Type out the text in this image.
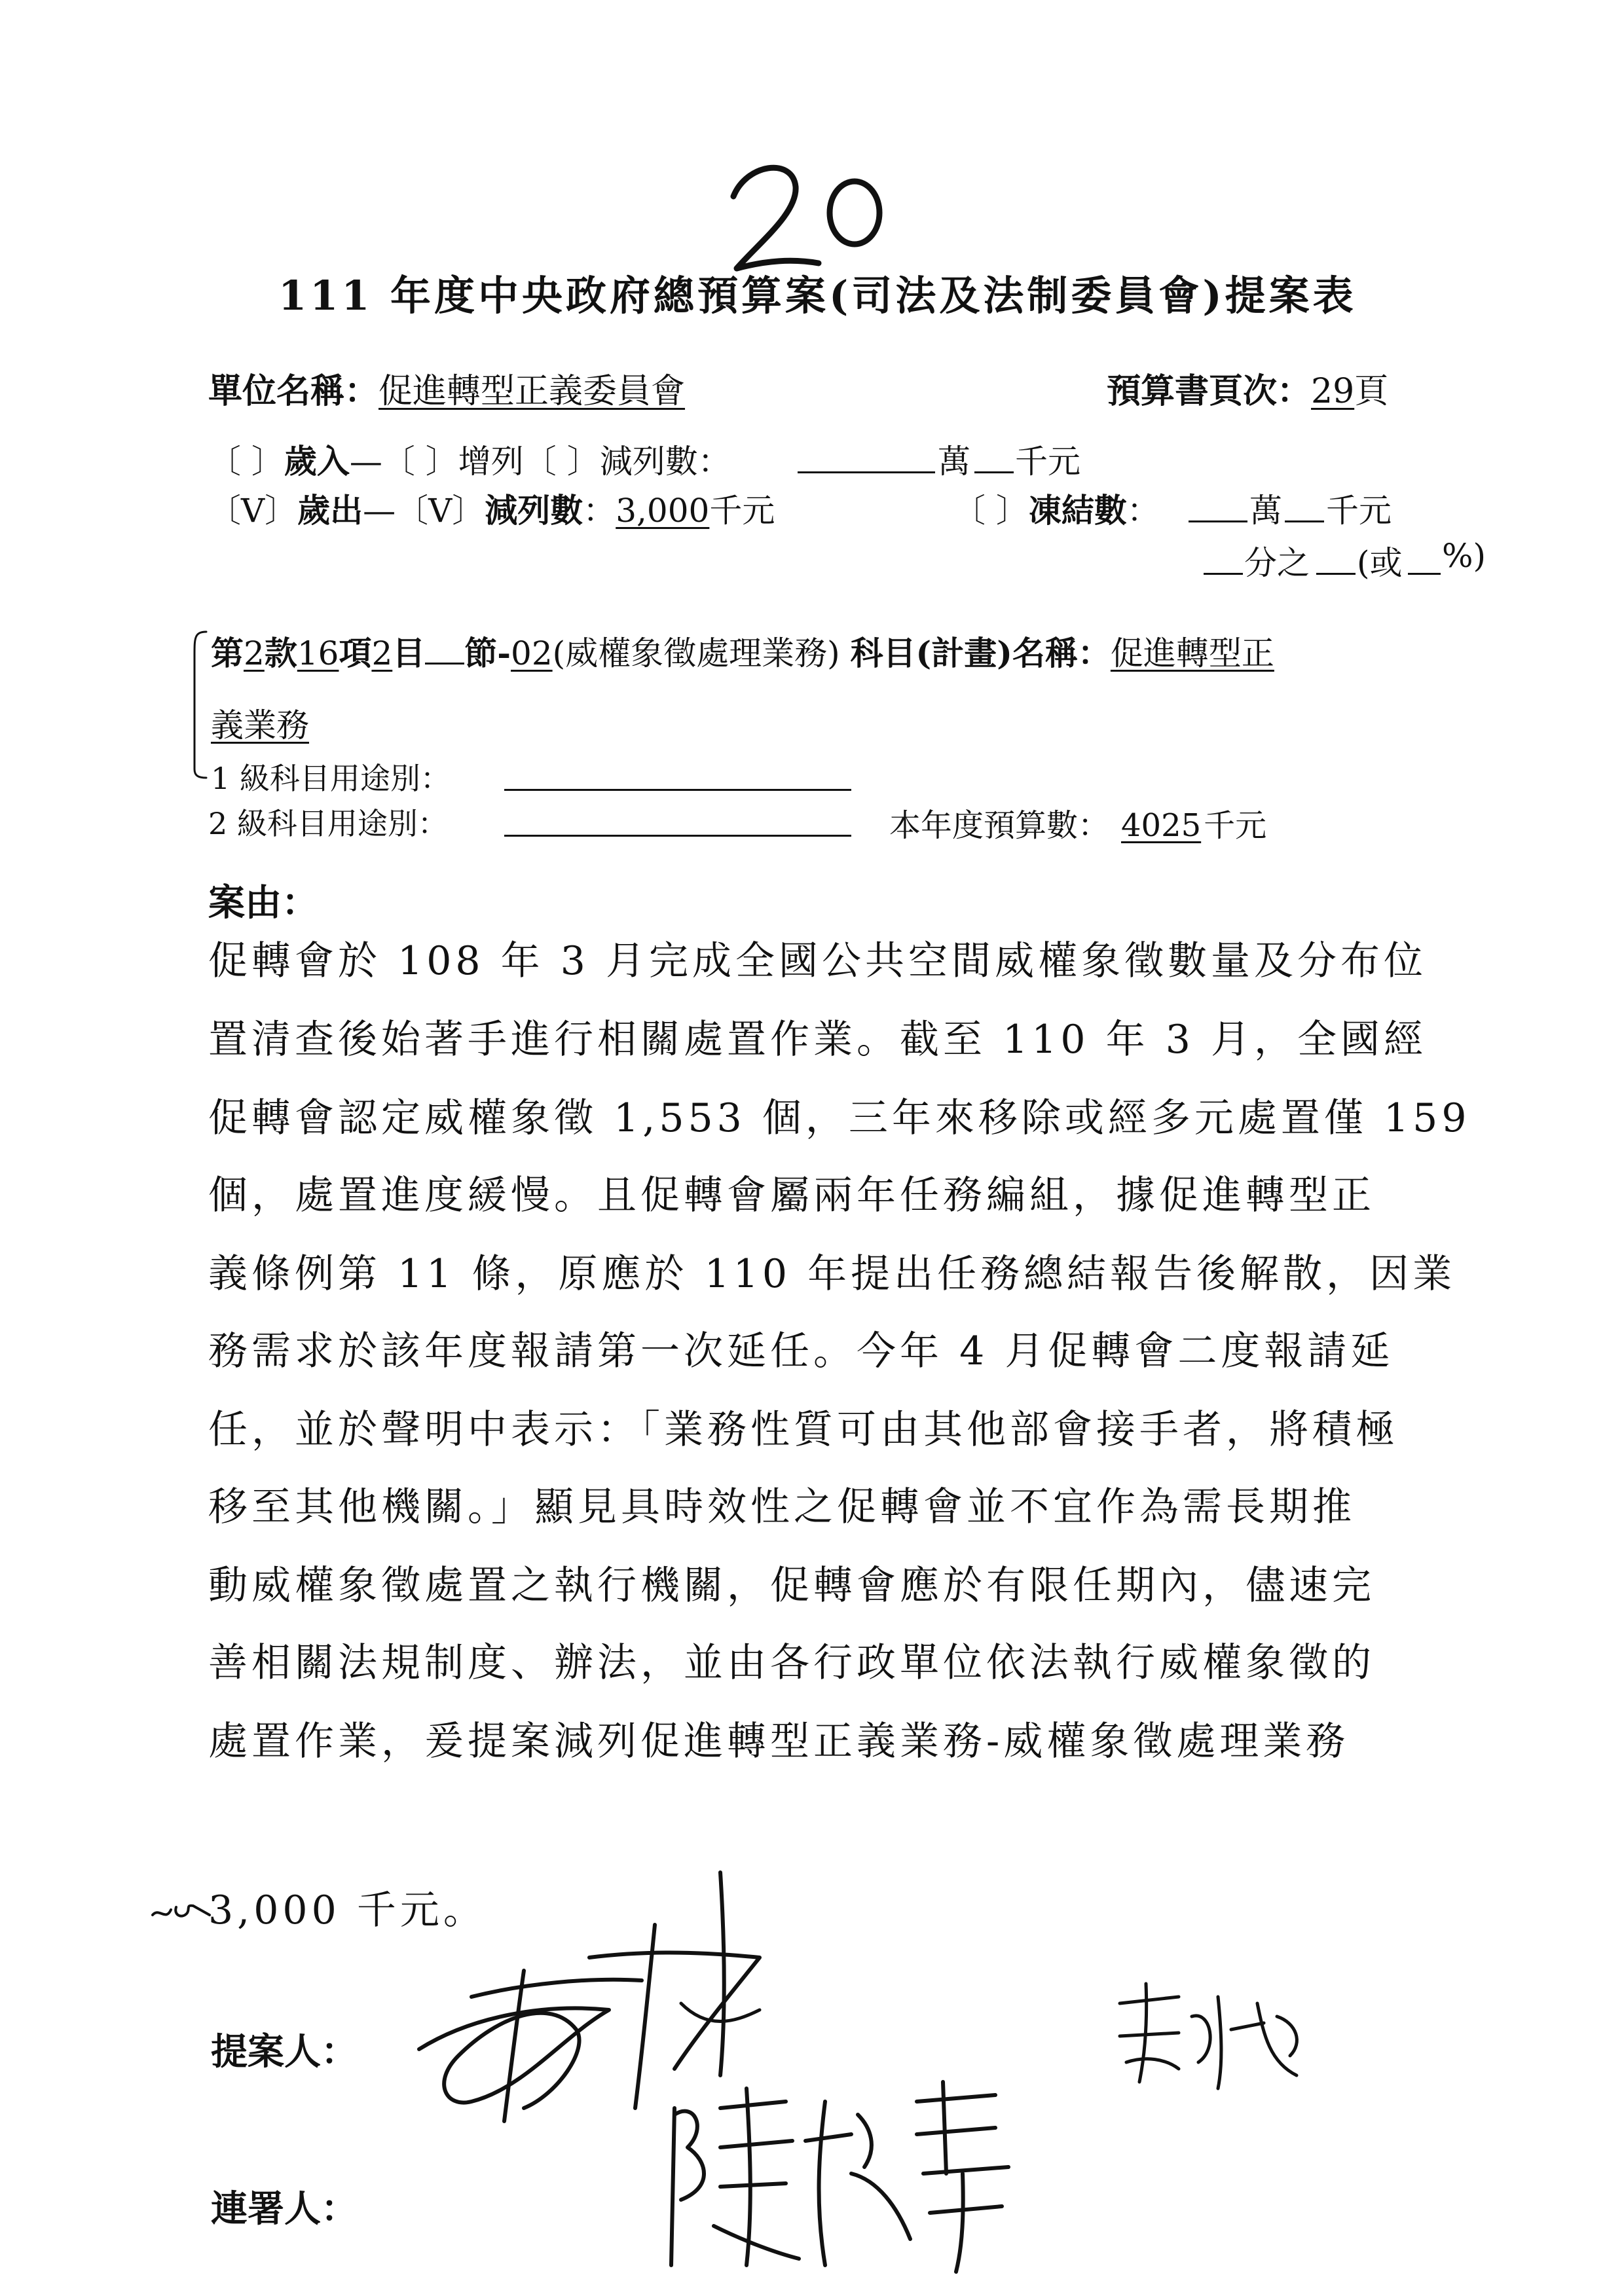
111 年度中央政府總預算案(司法及法制委員會)提案表
單位名稱：促進轉型正義委員會	預算書頁次：29頁
〔 〕歲入—〔 〕增列〔 〕減列數：	萬 千元
〔V〕歲出—〔V〕減列數：3,000千元	〔 〕凍結數：	萬 千元
分之 (或 %)
第2款16項2目 節-02(威權象徵處理業務) 科目(計畫)名稱：促進轉型正
義業務
1 級科目用途別：
2 級科目用途別：	本年度預算數： 4025千元
案由：
促轉會於 108 年 3 月完成全國公共空間威權象徵數量及分布位
置清查後始著手進行相關處置作業。截至 110 年 3 月，全國經
促轉會認定威權象徵 1,553 個，三年來移除或經多元處置僅 159
個，處置進度緩慢。且促轉會屬兩年任務編組，據促進轉型正
義條例第 11 條，原應於 110 年提出任務總結報告後解散，因業
務需求於該年度報請第一次延任。今年 4 月促轉會二度報請延
任，並於聲明中表示：「業務性質可由其他部會接手者，將積極
移至其他機關。」顯見具時效性之促轉會並不宜作為需長期推
動威權象徵處置之執行機關，促轉會應於有限任期內，儘速完
善相關法規制度、辦法，並由各行政單位依法執行威權象徵的
處置作業，爰提案減列促進轉型正義業務-威權象徵處理業務
3,000 千元。
提案人：
連署人：
